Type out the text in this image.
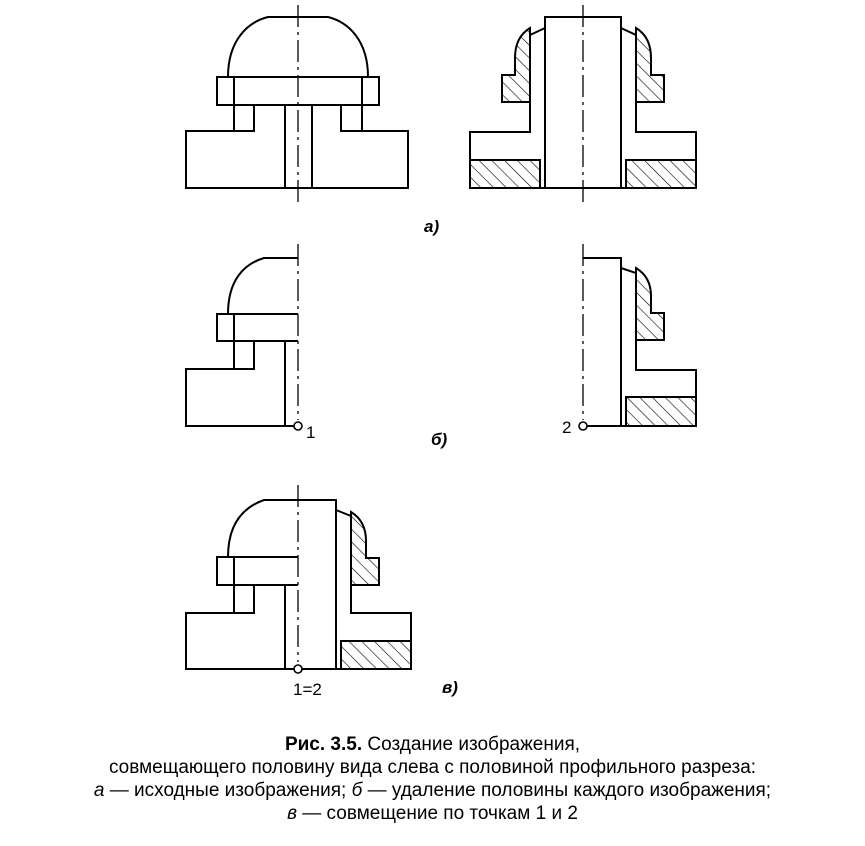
а)
1	2
б)
1=2	в)
Рис. 3.5. Создание изображения,
совмещающего половину вида слева с половиной профильного разреза:
а — исходные изображения; б — удаление половины каждого изображения;
в — совмещение по точкам 1 и 2
